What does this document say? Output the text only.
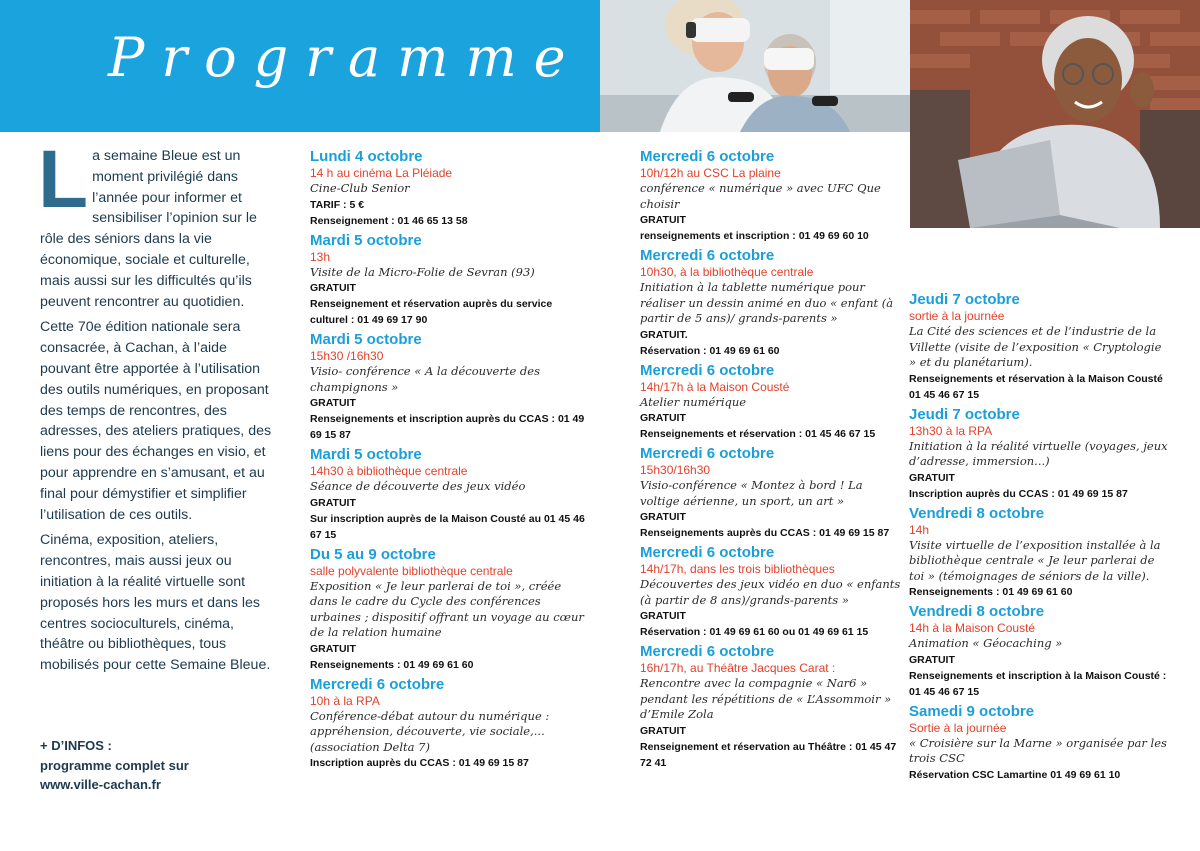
Programme
L a semaine Bleue est un moment privilégié dans l’année pour informer et sensibiliser l’opinion sur le rôle des séniors dans la vie économique, sociale et culturelle, mais aussi sur les difficultés qu’ils peuvent rencontrer au quotidien.

Cette 70e édition nationale sera consacrée, à Cachan, à l’aide pouvant être apportée à l’utilisation des outils numériques, en proposant des temps de rencontres, des adresses, des ateliers pratiques, des liens pour des échanges en visio, et pour apprendre en s’amusant, et au final pour démystifier et simplifier l’utilisation de ces outils.

Cinéma, exposition, ateliers, rencontres, mais aussi jeux ou initiation à la réalité virtuelle sont proposés hors les murs et dans les centres socioculturels, cinéma, théâtre ou bibliothèques, tous mobilisés pour cette Semaine Bleue.

+ D’INFOS :
programme complet sur
www.ville-cachan.fr
Lundi 4 octobre
14 h au cinéma La Pléiade
Cine-Club Senior
TARIF : 5 €
Renseignement : 01 46 65 13 58
Mardi 5 octobre
13h
Visite de la Micro-Folie de Sevran (93)
GRATUIT
Renseignement et réservation auprès du service culturel : 01 49 69 17 90
Mardi 5 octobre
15h30 /16h30
Visio- conférence « A la découverte des champignons »
GRATUIT
Renseignements et inscription auprès du CCAS : 01 49 69 15 87
Mardi 5 octobre
14h30 à bibliothèque centrale
Séance de découverte des jeux vidéo
GRATUIT
Sur inscription auprès de la Maison Cousté au 01 45 46 67 15
Du 5 au 9 octobre
salle polyvalente bibliothèque centrale
Exposition « Je leur parlerai de toi », créée dans le cadre du Cycle des conférences urbaines ; dispositif offrant un voyage au cœur de la relation humaine
GRATUIT
Renseignements : 01 49 69 61 60
Mercredi 6 octobre
10h à la RPA
Conférence-débat autour du numérique : appréhension, découverte, vie sociale,... (association Delta 7)
Inscription auprès du CCAS : 01 49 69 15 87
Mercredi 6 octobre
10h/12h au CSC La plaine
conférence « numérique » avec UFC Que choisir
GRATUIT
renseignements et inscription : 01 49 69 60 10
Mercredi 6 octobre
10h30, à la bibliothèque centrale
Initiation à la tablette numérique pour réaliser un dessin animé en duo « enfant (à partir de 5 ans)/ grands-parents »
GRATUIT.
Réservation : 01 49 69 61 60
Mercredi 6 octobre
14h/17h à la Maison Cousté
Atelier numérique
GRATUIT
Renseignements et réservation : 01 45 46 67 15
Mercredi 6 octobre
15h30/16h30
Visio-conférence « Montez à bord ! La voltige aérienne, un sport, un art »
GRATUIT
Renseignements auprès du CCAS : 01 49 69 15 87
Mercredi 6 octobre
14h/17h, dans les trois bibliothèques
Découvertes des jeux vidéo en duo « enfants (à partir de 8 ans)/grands-parents »
GRATUIT
Réservation : 01 49 69 61 60 ou 01 49 69 61 15
Mercredi 6 octobre
16h/17h, au Théâtre Jacques Carat :
Rencontre avec la compagnie « Nar6 » pendant les répétitions de « L’Assommoir » d’Emile Zola
GRATUIT
Renseignement et réservation au Théâtre : 01 45 47 72 41
Jeudi 7 octobre
sortie à la journée
La Cité des sciences et de l’industrie de la Villette (visite de l’exposition « Cryptologie » et du planétarium).
Renseignements et réservation à la Maison Cousté 01 45 46 67 15
Jeudi 7 octobre
13h30 à la RPA
Initiation à la réalité virtuelle (voyages, jeux d’adresse, immersion...)
GRATUIT
Inscription auprès du CCAS : 01 49 69 15 87
Vendredi 8 octobre
14h
Visite virtuelle de l’exposition installée à la bibliothèque centrale « Je leur parlerai de toi » (témoignages de séniors de la ville).
Renseignements : 01 49 69 61 60
Vendredi 8 octobre
14h à la Maison Cousté
Animation « Géocaching »
GRATUIT
Renseignements et inscription à la Maison Cousté : 01 45 46 67 15
Samedi 9 octobre
Sortie à la journée
« Croisière sur la Marne » organisée par les trois CSC
Réservation CSC Lamartine 01 49 69 61 10
